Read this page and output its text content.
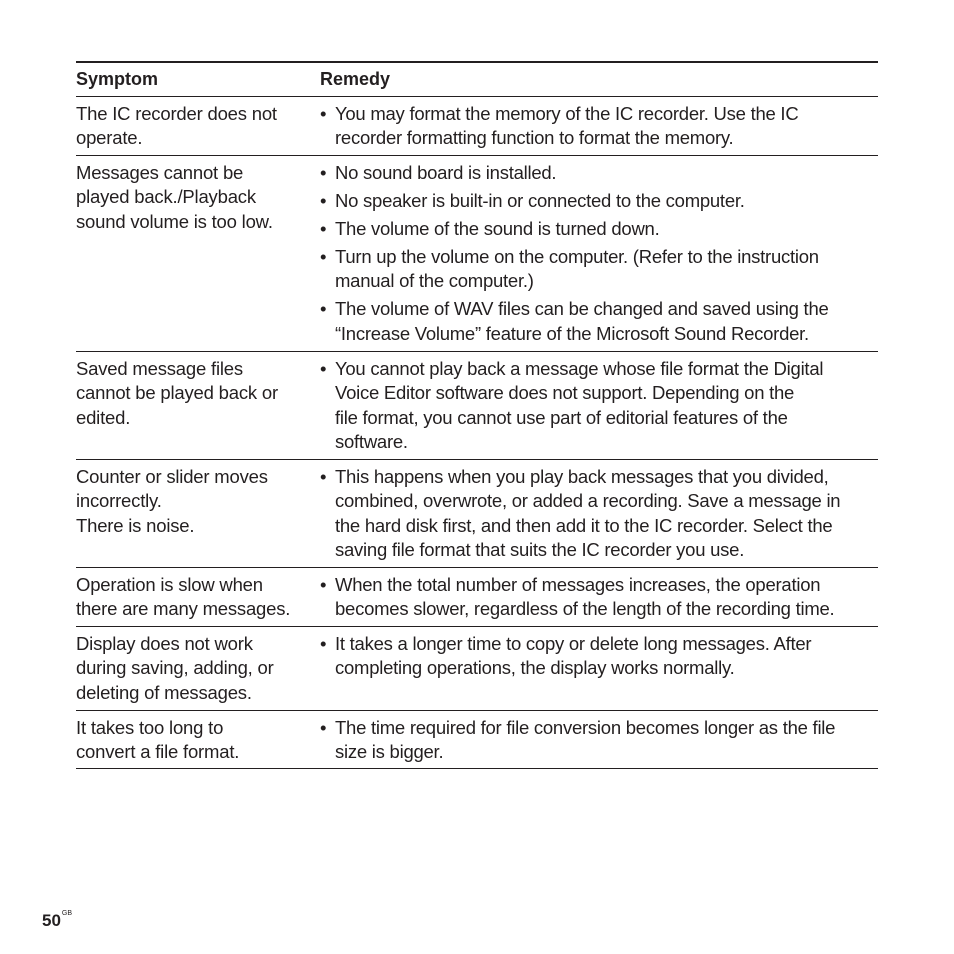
Symptom	Remedy
The IC recorder does not
operate.
• You may format the memory of the IC recorder. Use the IC
recorder formatting function to format the memory.
Messages cannot be
played back./Playback
sound volume is too low.
• No sound board is installed.
• No speaker is built-in or connected to the computer.
• The volume of the sound is turned down.
• Turn up the volume on the computer. (Refer to the instruction
manual of the computer.)
• The volume of WAV files can be changed and saved using the
“Increase Volume” feature of the Microsoft Sound Recorder.
Saved message files
cannot be played back or
edited.
• You cannot play back a message whose file format the Digital
Voice Editor software does not support. Depending on the
file format, you cannot use part of editorial features of the
software.
Counter or slider moves
incorrectly.
There is noise.
• This happens when you play back messages that you divided,
combined, overwrote, or added a recording. Save a message in
the hard disk first, and then add it to the IC recorder. Select the
saving file format that suits the IC recorder you use.
Operation is slow when
there are many messages.
• When the total number of messages increases, the operation
becomes slower, regardless of the length of the recording time.
Display does not work
during saving, adding, or
deleting of messages.
• It takes a longer time to copy or delete long messages. After
completing operations, the display works normally.
It takes too long to
convert a file format.
• The time required for file conversion becomes longer as the file
size is bigger.
$50^{GB}$
